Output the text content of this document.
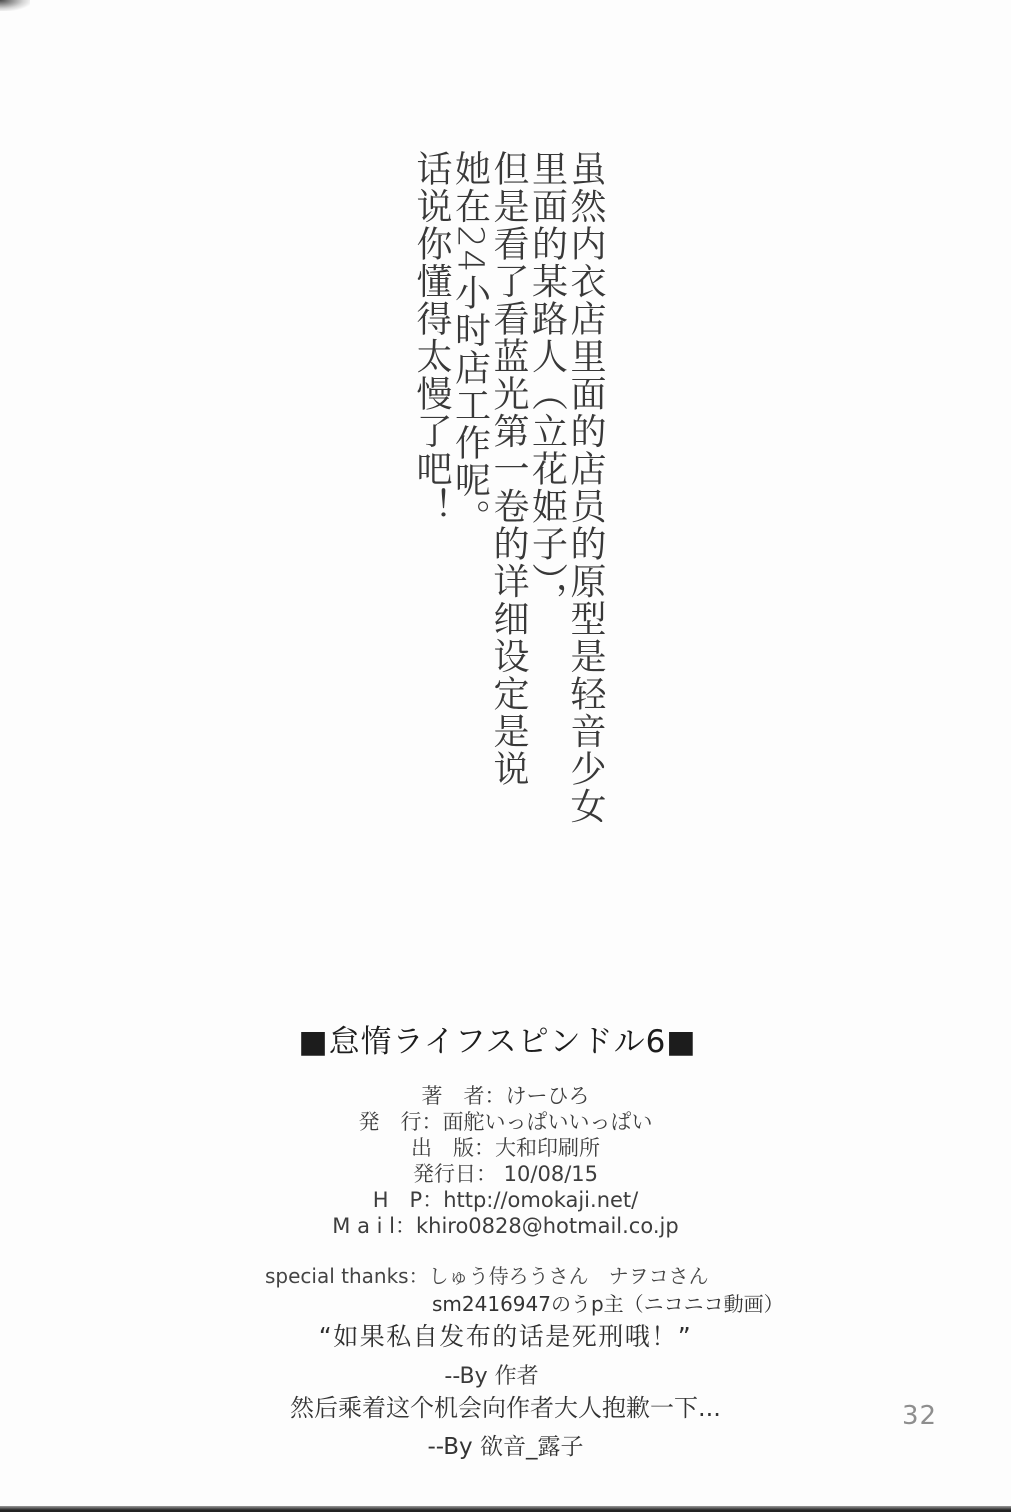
虽然内衣店里面的店员的原型是轻音少女
里面的某路人（立花姫子），
但是看了看蓝光第一卷的详细设定是说
她在24小时店工作呢。
话说你懂得太慢了吧！
■怠惰ライフスピンドル6■
著　者：けーひろ
発　行：面舵いっぱいいっぱい
出　版：大和印刷所
発行日： 10/08/15
H　P：http://omokaji.net/
M a i l：khiro0828@hotmail.co.jp
special thanks：しゅう侍ろうさん　ナヲコさん
sm2416947のうp主（ニコニコ動画）
“如果私自发布的话是死刑哦！”
--By 作者
然后乘着这个机会向作者大人抱歉一下...
--By 欲音_露子
32
